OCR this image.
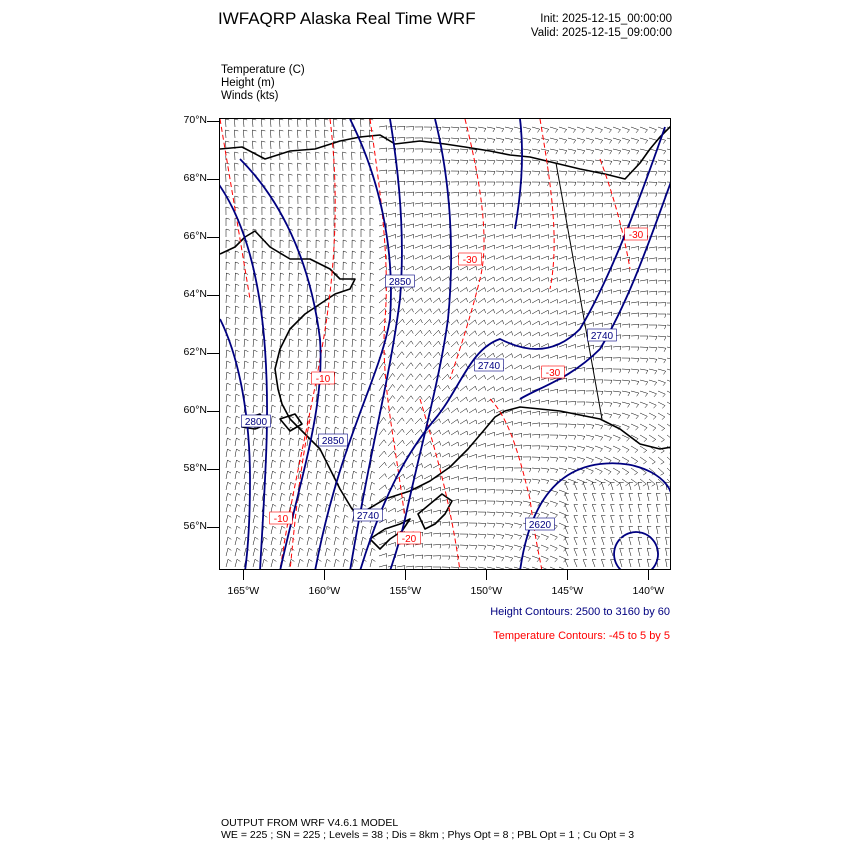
IWFAQRP Alaska Real Time WRF	Init: 2025-12-15_00:00:00
Valid: 2025-12-15_09:00:00
Temperature (C)
Height (m)
Winds (kts)
2850
2740
2740
2850
2740
2620
2800
-30
-30
-30
-10
-10
-20
70°N
68°N
66°N
64°N
62°N
60°N
58°N
56°N
165°W	160°W	155°W	150°W	145°W	140°W
Height Contours: 2500 to 3160 by 60
Temperature Contours: -45 to 5 by 5
OUTPUT FROM WRF V4.6.1 MODEL
WE = 225 ; SN = 225 ; Levels = 38 ; Dis = 8km ; Phys Opt = 8 ; PBL Opt = 1 ; Cu Opt = 3
